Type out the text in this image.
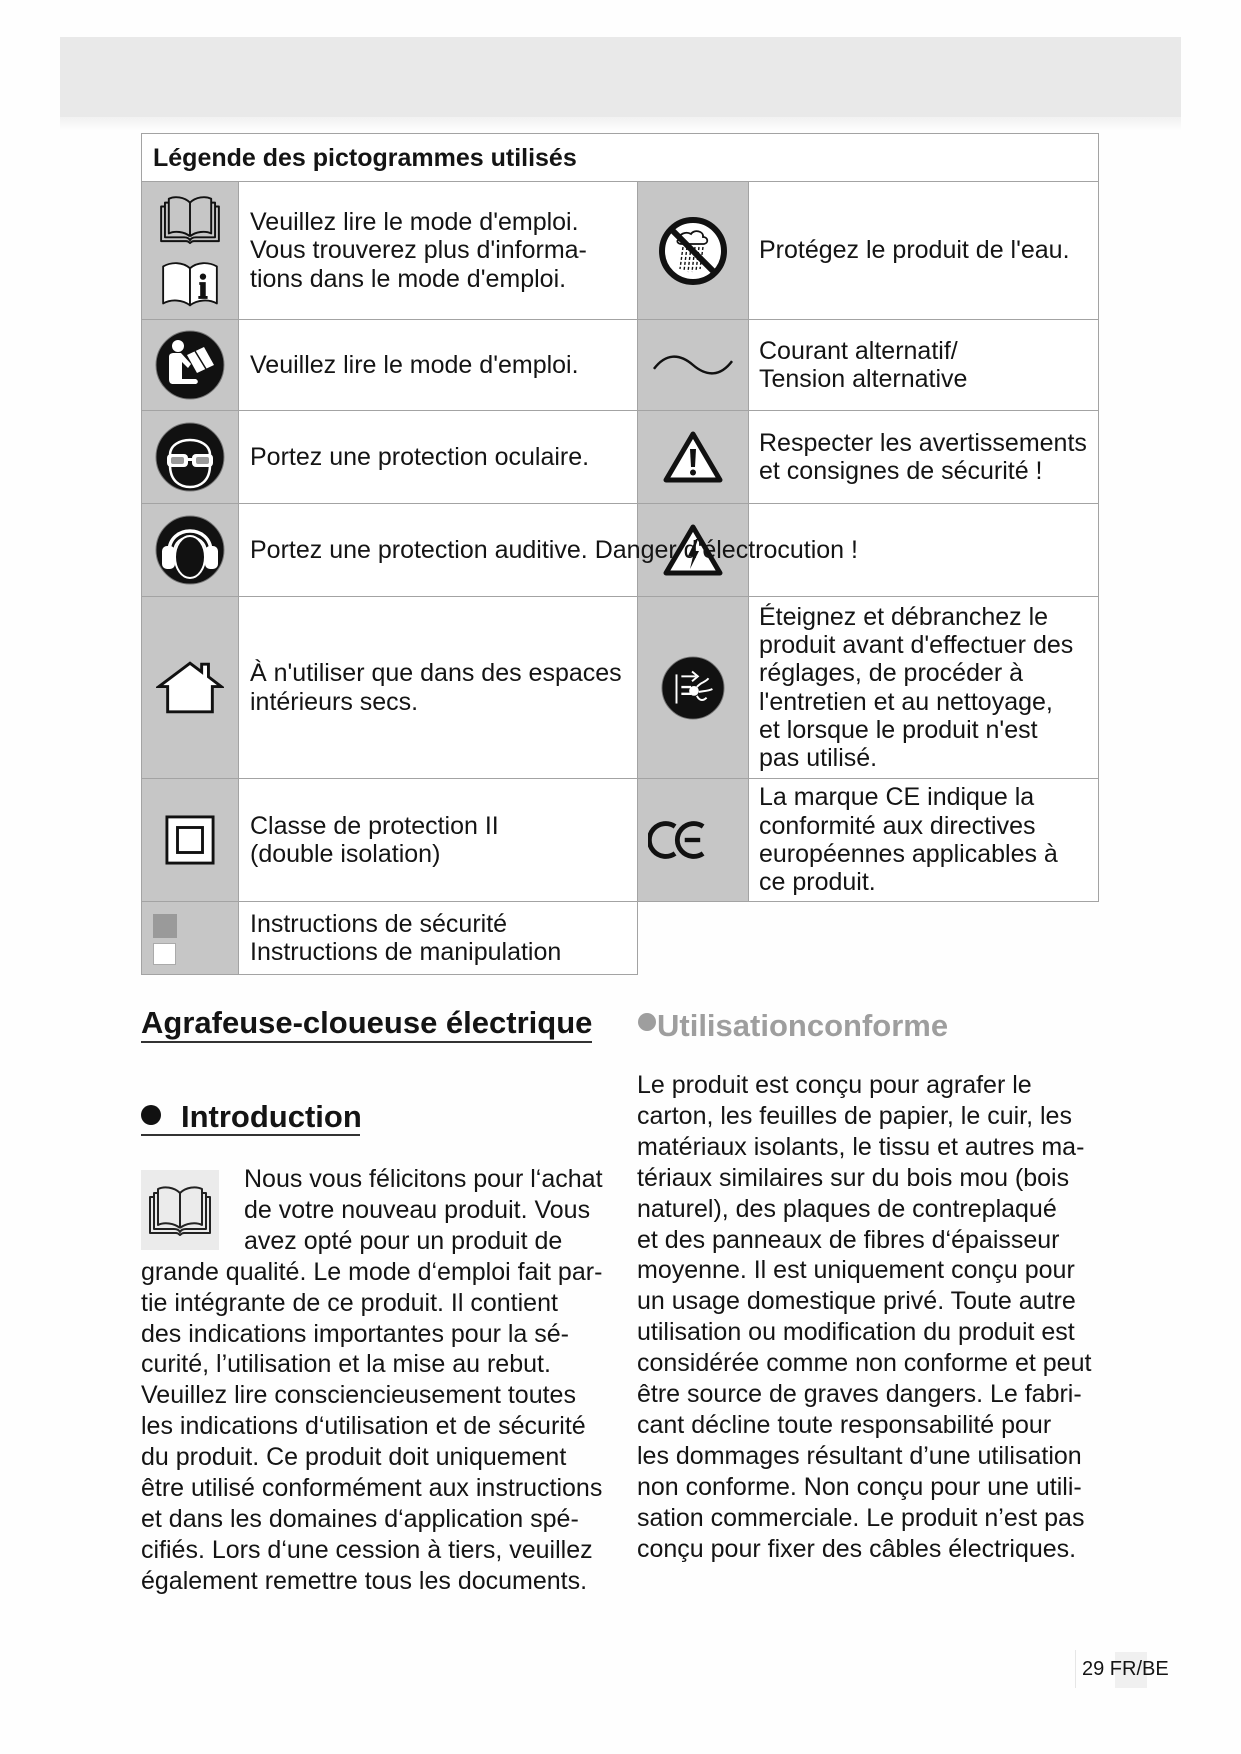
Légende des pictogrammes utilisés
Veuillez lire le mode d'emploi.
Vous trouverez plus d'informa-
tions dans le mode d'emploi.
Protégez le produit de l'eau.
Veuillez lire le mode d'emploi.
Courant alternatif/
Tension alternative
Portez une protection oculaire.
Respecter les avertissements
et consignes de sécurité !
Portez une protection auditive. Danger d'électrocution !
À n'utiliser que dans des espaces
intérieurs secs.
Éteignez et débranchez le
produit avant d'effectuer des
réglages, de procéder à
l'entretien et au nettoyage,
et lorsque le produit n'est
pas utilisé.
Classe de protection II
(double isolation)
La marque CE indique la
conformité aux directives
européennes applicables à
ce produit.
Instructions de sécurité
Instructions de manipulation
Agrafeuse-cloueuse électrique
Introduction
Nous vous félicitons pour l‘achat
de votre nouveau produit. Vous
avez opté pour un produit de
grande qualité. Le mode d‘emploi fait par-
tie intégrante de ce produit. Il contient
des indications importantes pour la sé-
curité, l’utilisation et la mise au rebut.
Veuillez lire consciencieusement toutes
les indications d‘utilisation et de sécurité
du produit. Ce produit doit uniquement
être utilisé conformément aux instructions
et dans les domaines d‘application spé-
cifiés. Lors d‘une cession à tiers, veuillez
également remettre tous les documents.
Utilisationconforme
Le produit est conçu pour agrafer le
carton, les feuilles de papier, le cuir, les
matériaux isolants, le tissu et autres ma-
tériaux similaires sur du bois mou (bois
naturel), des plaques de contreplaqué
et des panneaux de fibres d‘épaisseur
moyenne. Il est uniquement conçu pour
un usage domestique privé. Toute autre
utilisation ou modification du produit est
considérée comme non conforme et peut
être source de graves dangers. Le fabri-
cant décline toute responsabilité pour
les dommages résultant d’une utilisation
non conforme. Non conçu pour une utili-
sation commerciale. Le produit n’est pas
conçu pour fixer des câbles électriques.
29 FR/BE
